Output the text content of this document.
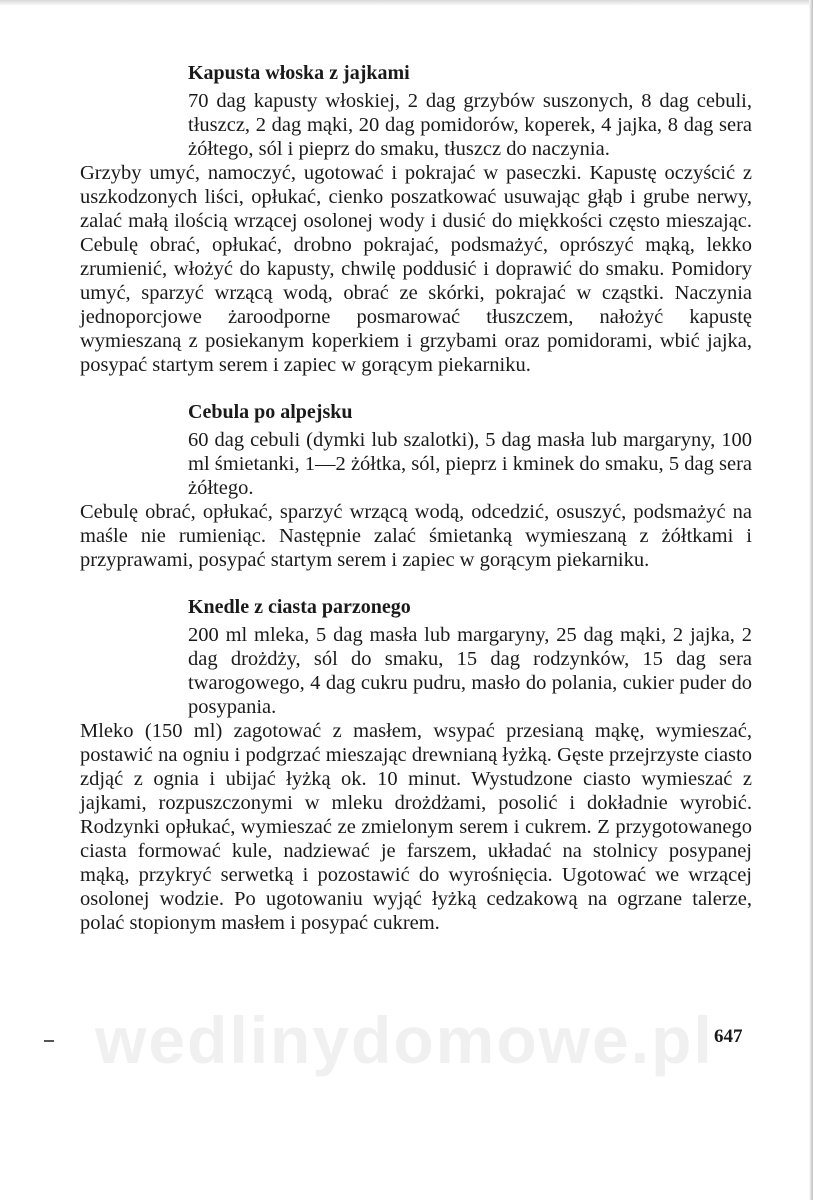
wedlinydomowe.pl
Kapusta włoska z jajkami

70 dag kapusty włoskiej, 2 dag grzybów suszonych, 8 dag cebuli, tłuszcz, 2 dag mąki, 20 dag pomidorów, koperek, 4 jajka, 8 dag sera żółtego, sól i pieprz do smaku, tłuszcz do naczynia.

Grzyby umyć, namoczyć, ugotować i pokrajać w paseczki. Kapustę oczyścić z uszkodzonych liści, opłukać, cienko poszatkować usuwając głąb i grube nerwy, zalać małą ilością wrzącej osolonej wody i dusić do miękkości często mieszając. Cebulę obrać, opłukać, drobno pokrajać, podsmażyć, oprószyć mąką, lekko zrumienić, włożyć do kapusty, chwilę poddusić i doprawić do smaku. Pomidory umyć, sparzyć wrzącą wodą, obrać ze skórki, pokrajać w cząstki. Naczynia jednoporcjowe żaroodporne posmarować tłuszczem, nałożyć kapustę wymieszaną z posiekanym koperkiem i grzybami oraz pomidorami, wbić jajka, posypać startym serem i zapiec w gorącym piekarniku.

Cebula po alpejsku

60 dag cebuli (dymki lub szalotki), 5 dag masła lub margaryny, 100 ml śmietanki, 1—2 żółtka, sól, pieprz i kminek do smaku, 5 dag sera żółtego.

Cebulę obrać, opłukać, sparzyć wrzącą wodą, odcedzić, osuszyć, podsmażyć na maśle nie rumieniąc. Następnie zalać śmietanką wymieszaną z żółtkami i przyprawami, posypać startym serem i zapiec w gorącym piekarniku.

Knedle z ciasta parzonego

200 ml mleka, 5 dag masła lub margaryny, 25 dag mąki, 2 jajka, 2 dag drożdży, sól do smaku, 15 dag rodzynków, 15 dag sera twarogowego, 4 dag cukru pudru, masło do polania, cukier puder do posypania.

Mleko (150 ml) zagotować z masłem, wsypać przesianą mąkę, wymieszać, postawić na ogniu i podgrzać mieszając drewnianą łyżką. Gęste przejrzyste ciasto zdjąć z ognia i ubijać łyżką ok. 10 minut. Wystudzone ciasto wymieszać z jajkami, rozpuszczonymi w mleku drożdżami, posolić i dokładnie wyrobić. Rodzynki opłukać, wymieszać ze zmielonym serem i cukrem. Z przygotowanego ciasta formować kule, nadziewać je farszem, układać na stolnicy posypanej mąką, przykryć serwetką i pozostawić do wyrośnięcia. Ugotować we wrzącej osolonej wodzie. Po ugotowaniu wyjąć łyżką cedzakową na ogrzane talerze, polać stopionym masłem i posypać cukrem.

647
